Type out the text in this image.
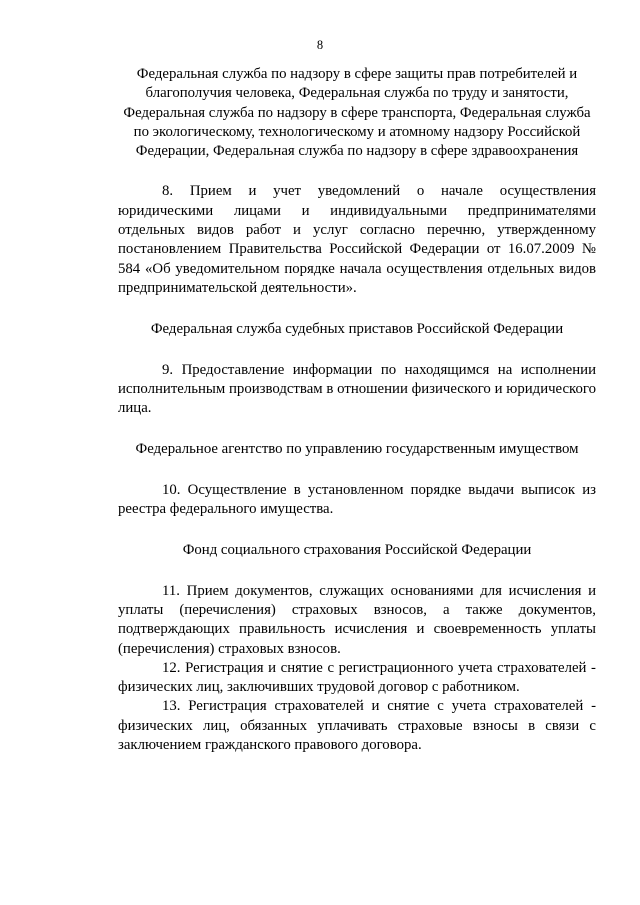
8

Федеральная служба по надзору в сфере защиты прав потребителей и благополучия человека, Федеральная служба по труду и занятости, Федеральная служба по надзору в сфере транспорта, Федеральная служба по экологическому, технологическому и атомному надзору Российской Федерации, Федеральная служба по надзору в сфере здравоохранения

8. Прием и учет уведомлений о начале осуществления юридическими лицами и индивидуальными предпринимателями отдельных видов работ и услуг согласно перечню, утвержденному постановлением Правительства Российской Федерации от 16.07.2009 № 584 «Об уведомительном порядке начала осуществления отдельных видов предпринимательской деятельности».

Федеральная служба судебных приставов Российской Федерации

9. Предоставление информации по находящимся на исполнении исполнительным производствам в отношении физического и юридического лица.

Федеральное агентство по управлению государственным имуществом

10. Осуществление в установленном порядке выдачи выписок из реестра федерального имущества.

Фонд социального страхования Российской Федерации

11. Прием документов, служащих основаниями для исчисления и уплаты (перечисления) страховых взносов, а также документов, подтверждающих правильность исчисления и своевременность уплаты (перечисления) страховых взносов.

12. Регистрация и снятие с регистрационного учета страхователей - физических лиц, заключивших трудовой договор с работником.

13. Регистрация страхователей и снятие с учета страхователей - физических лиц, обязанных уплачивать страховые взносы в связи с заключением гражданского правового договора.
